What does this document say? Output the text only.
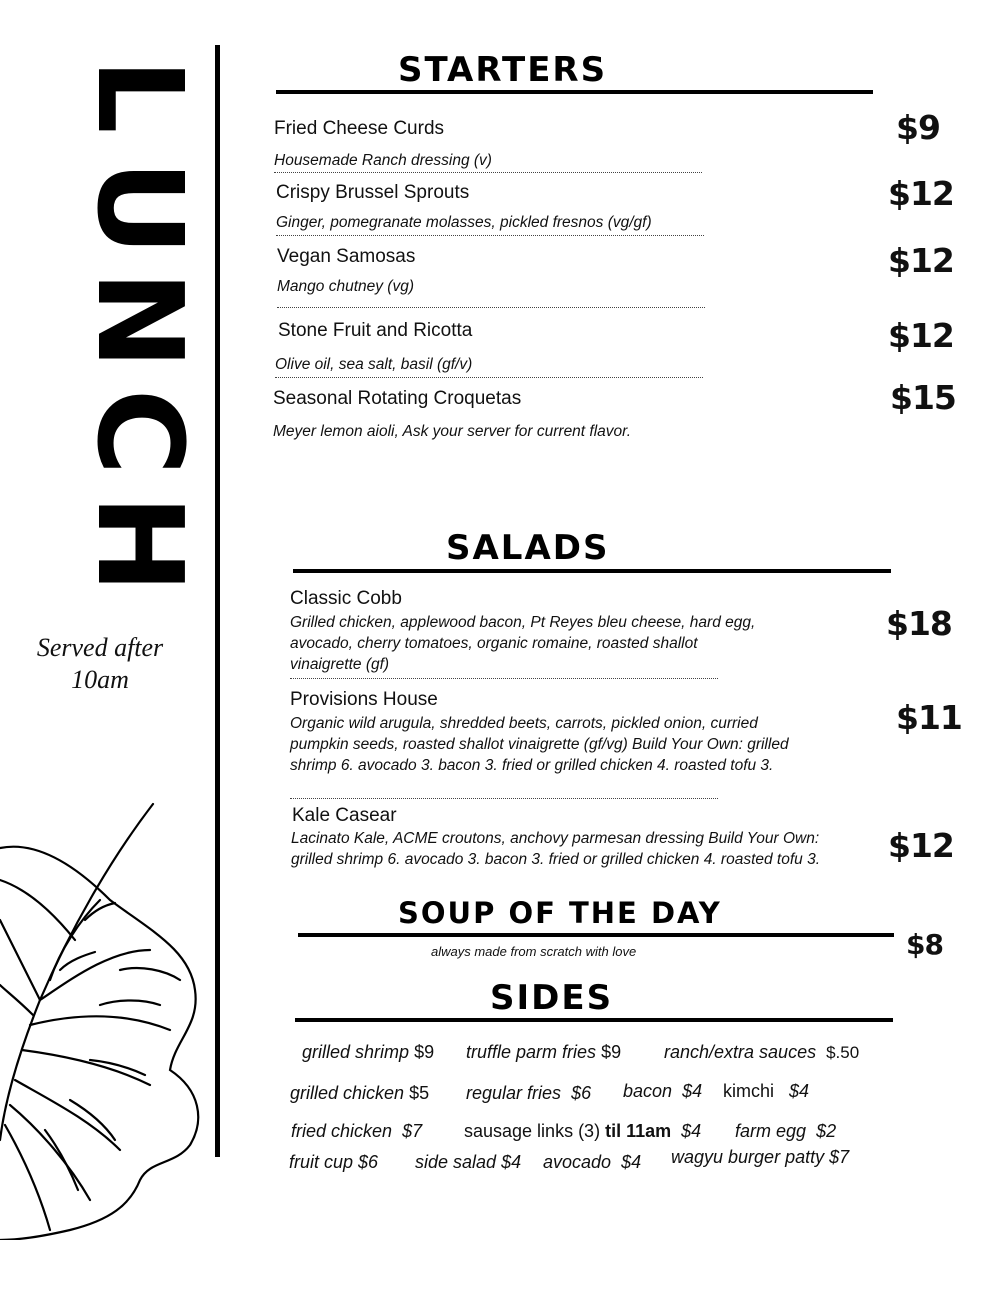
L
U
N
C
H
Served after 10am
STARTERS
Fried Cheese Curds
Housemade Ranch dressing (v)
$9
Crispy Brussel Sprouts
Ginger, pomegranate molasses, pickled fresnos (vg/gf)
$12
Vegan Samosas
Mango chutney (vg)
$12
Stone Fruit and Ricotta
Olive oil, sea salt, basil (gf/v)
$12
Seasonal Rotating Croquetas
Meyer lemon aioli, Ask your server for current flavor.
$15
SALADS
Classic Cobb
Grilled chicken, applewood bacon, Pt Reyes bleu cheese, hard egg, avocado, cherry tomatoes, organic romaine, roasted shallot vinaigrette (gf)
$18
Provisions House
Organic wild arugula, shredded beets, carrots, pickled onion, curried pumpkin seeds, roasted shallot vinaigrette (gf/vg) Build Your Own: grilled shrimp 6. avocado 3. bacon 3. fried or grilled chicken 4. roasted tofu 3.
$11
Kale Casear
Lacinato Kale, ACME croutons, anchovy parmesan dressing Build Your Own: grilled shrimp 6. avocado 3. bacon 3. fried or grilled chicken 4. roasted tofu 3.	$12
SOUP OF THE DAY
always made from scratch with love	$8
SIDES
grilled shrimp $9 truffle parm fries $9 ranch/extra sauces $.50
grilled chicken $5 regular fries $6 bacon $4 kimchi $4
fried chicken $7 sausage links (3) til 11am $4 farm egg $2
fruit cup $6 side salad $4 avocado $4 wagyu burger patty $7
